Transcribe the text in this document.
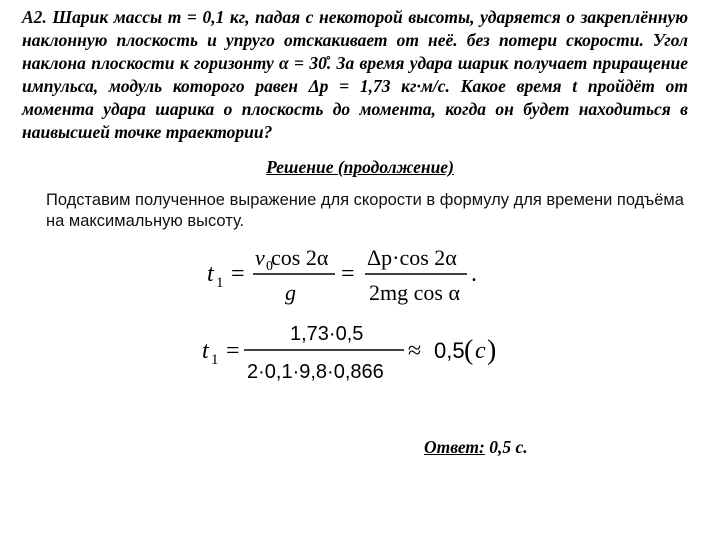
А2. Шарик массы m = 0,1 кг, падая с некоторой высоты, ударяется о закреплённую наклонную плоскость и упруго отскакивает от неё. без потери скорости. Угол наклона плоскости к горизонту α = 30̊. За время удара шарик получает приращение импульса, модуль которого равен Δp = 1,73 кг·м/с. Какое время t пройдёт от момента удара шарика о плоскость до момента, когда он будет находиться в наивысшей точке траектории?

Решение (продолжение)

Подставим полученное выражение для скорости в формулу для времени подъёма на максимальную высоту.

t 1 =
v 0
cos 2α
g
=
Δp·cos 2α
2mg cos α
.
t 1 =
1,73·0,5
2·0,1·9,8·0,866
≈ 0,5 ( c )

Ответ: 0,5 с.
